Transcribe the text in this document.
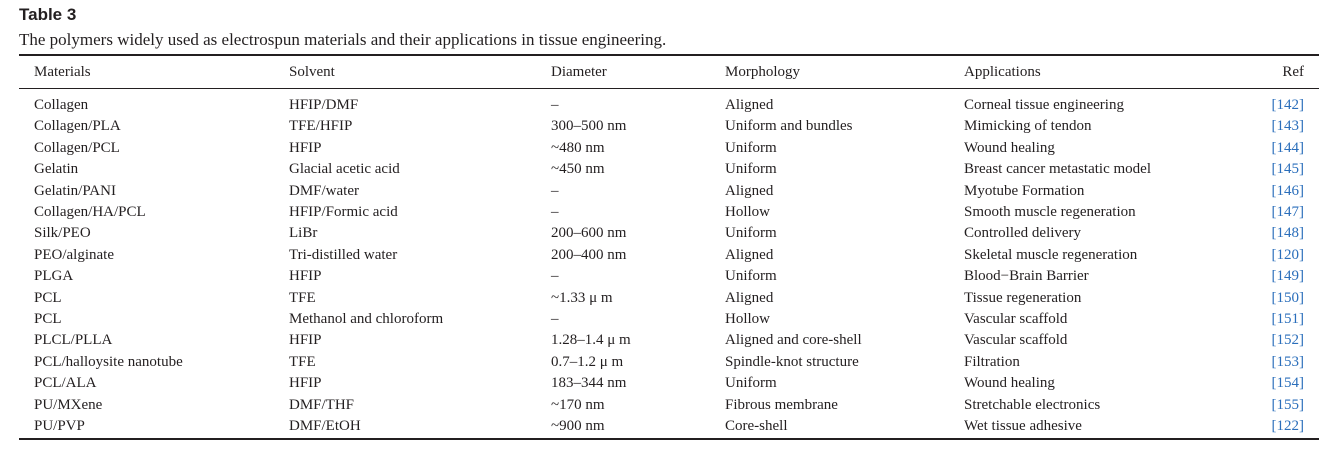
Table 3
The polymers widely used as electrospun materials and their applications in tissue engineering.
Materials	Solvent	Diameter	Morphology	Applications	Ref
Collagen	HFIP/DMF	–	Aligned	Corneal tissue engineering	[142]
Collagen/PLA	TFE/HFIP	300–500 nm	Uniform and bundles	Mimicking of tendon	[143]
Collagen/PCL	HFIP	~480 nm	Uniform	Wound healing	[144]
Gelatin	Glacial acetic acid	~450 nm	Uniform	Breast cancer metastatic model	[145]
Gelatin/PANI	DMF/water	–	Aligned	Myotube Formation	[146]
Collagen/HA/PCL	HFIP/Formic acid	–	Hollow	Smooth muscle regeneration	[147]
Silk/PEO	LiBr	200–600 nm	Uniform	Controlled delivery	[148]
PEO/alginate	Tri-distilled water	200–400 nm	Aligned	Skeletal muscle regeneration	[120]
PLGA	HFIP	–	Uniform	Blood−Brain Barrier	[149]
PCL	TFE	~1.33 μ m	Aligned	Tissue regeneration	[150]
PCL	Methanol and chloroform	–	Hollow	Vascular scaffold	[151]
PLCL/PLLA	HFIP	1.28–1.4 μ m	Aligned and core-shell	Vascular scaffold	[152]
PCL/halloysite nanotube	TFE	0.7–1.2 μ m	Spindle-knot structure	Filtration	[153]
PCL/ALA	HFIP	183–344 nm	Uniform	Wound healing	[154]
PU/MXene	DMF/THF	~170 nm	Fibrous membrane	Stretchable electronics	[155]
PU/PVP	DMF/EtOH	~900 nm	Core-shell	Wet tissue adhesive	[122]
